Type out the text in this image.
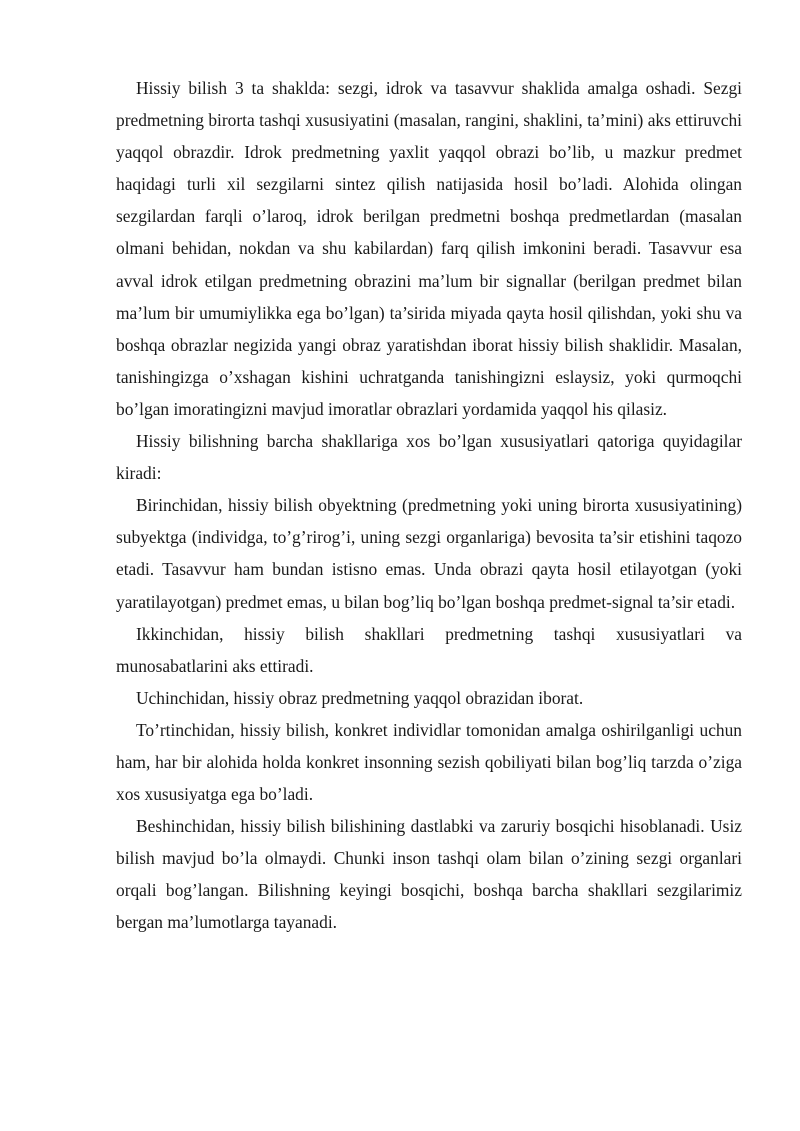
Hissiy bilish 3 ta shaklda: sezgi, idrok va tasavvur shaklida amalga oshadi. Sezgi predmetning birorta tashqi xususiyatini (masalan, rangini, shaklini, ta’mini) aks ettiruvchi yaqqol obrazdir. Idrok predmetning yaxlit yaqqol obrazi bo’lib, u mazkur predmet haqidagi turli xil sezgilarni sintez qilish natijasida hosil bo’ladi. Alohida olingan sezgilardan farqli o’laroq, idrok berilgan predmetni boshqa predmetlardan (masalan olmani behidan, nokdan va shu kabilardan) farq qilish imkonini beradi. Tasavvur esa avval idrok etilgan predmetning obrazini ma’lum bir signallar (berilgan predmet bilan ma’lum bir umumiylikka ega bo’lgan) ta’sirida miyada qayta hosil qilishdan, yoki shu va boshqa obrazlar negizida yangi obraz yaratishdan iborat hissiy bilish shaklidir. Masalan, tanishingizga o’xshagan kishini uchratganda tanishingizni eslaysiz, yoki qurmoqchi bo’lgan imoratingizni mavjud imoratlar obrazlari yordamida yaqqol his qilasiz.

Hissiy bilishning barcha shakllariga xos bo’lgan xususiyatlari qatoriga quyidagilar kiradi:

Birinchidan, hissiy bilish obyektning (predmetning yoki uning birorta xususiyatining) subyektga (individga, to’g’rirog’i, uning sezgi organlariga) bevosita ta’sir etishini taqozo etadi. Tasavvur ham bundan istisno emas. Unda obrazi qayta hosil etilayotgan (yoki yaratilayotgan) predmet emas, u bilan bog’liq bo’lgan boshqa predmet-signal ta’sir etadi.

Ikkinchidan, hissiy bilish shakllari predmetning tashqi xususiyatlari va munosabatlarini aks ettiradi.

Uchinchidan, hissiy obraz predmetning yaqqol obrazidan iborat.

To’rtinchidan, hissiy bilish, konkret individlar tomonidan amalga oshirilganligi uchun ham, har bir alohida holda konkret insonning sezish qobiliyati bilan bog’liq tarzda o’ziga xos xususiyatga ega bo’ladi.

Beshinchidan, hissiy bilish bilishining dastlabki va zaruriy bosqichi hisoblanadi. Usiz bilish mavjud bo’la olmaydi. Chunki inson tashqi olam bilan o’zining sezgi organlari orqali bog’langan. Bilishning keyingi bosqichi, boshqa barcha shakllari sezgilarimiz bergan ma’lumotlarga tayanadi.
